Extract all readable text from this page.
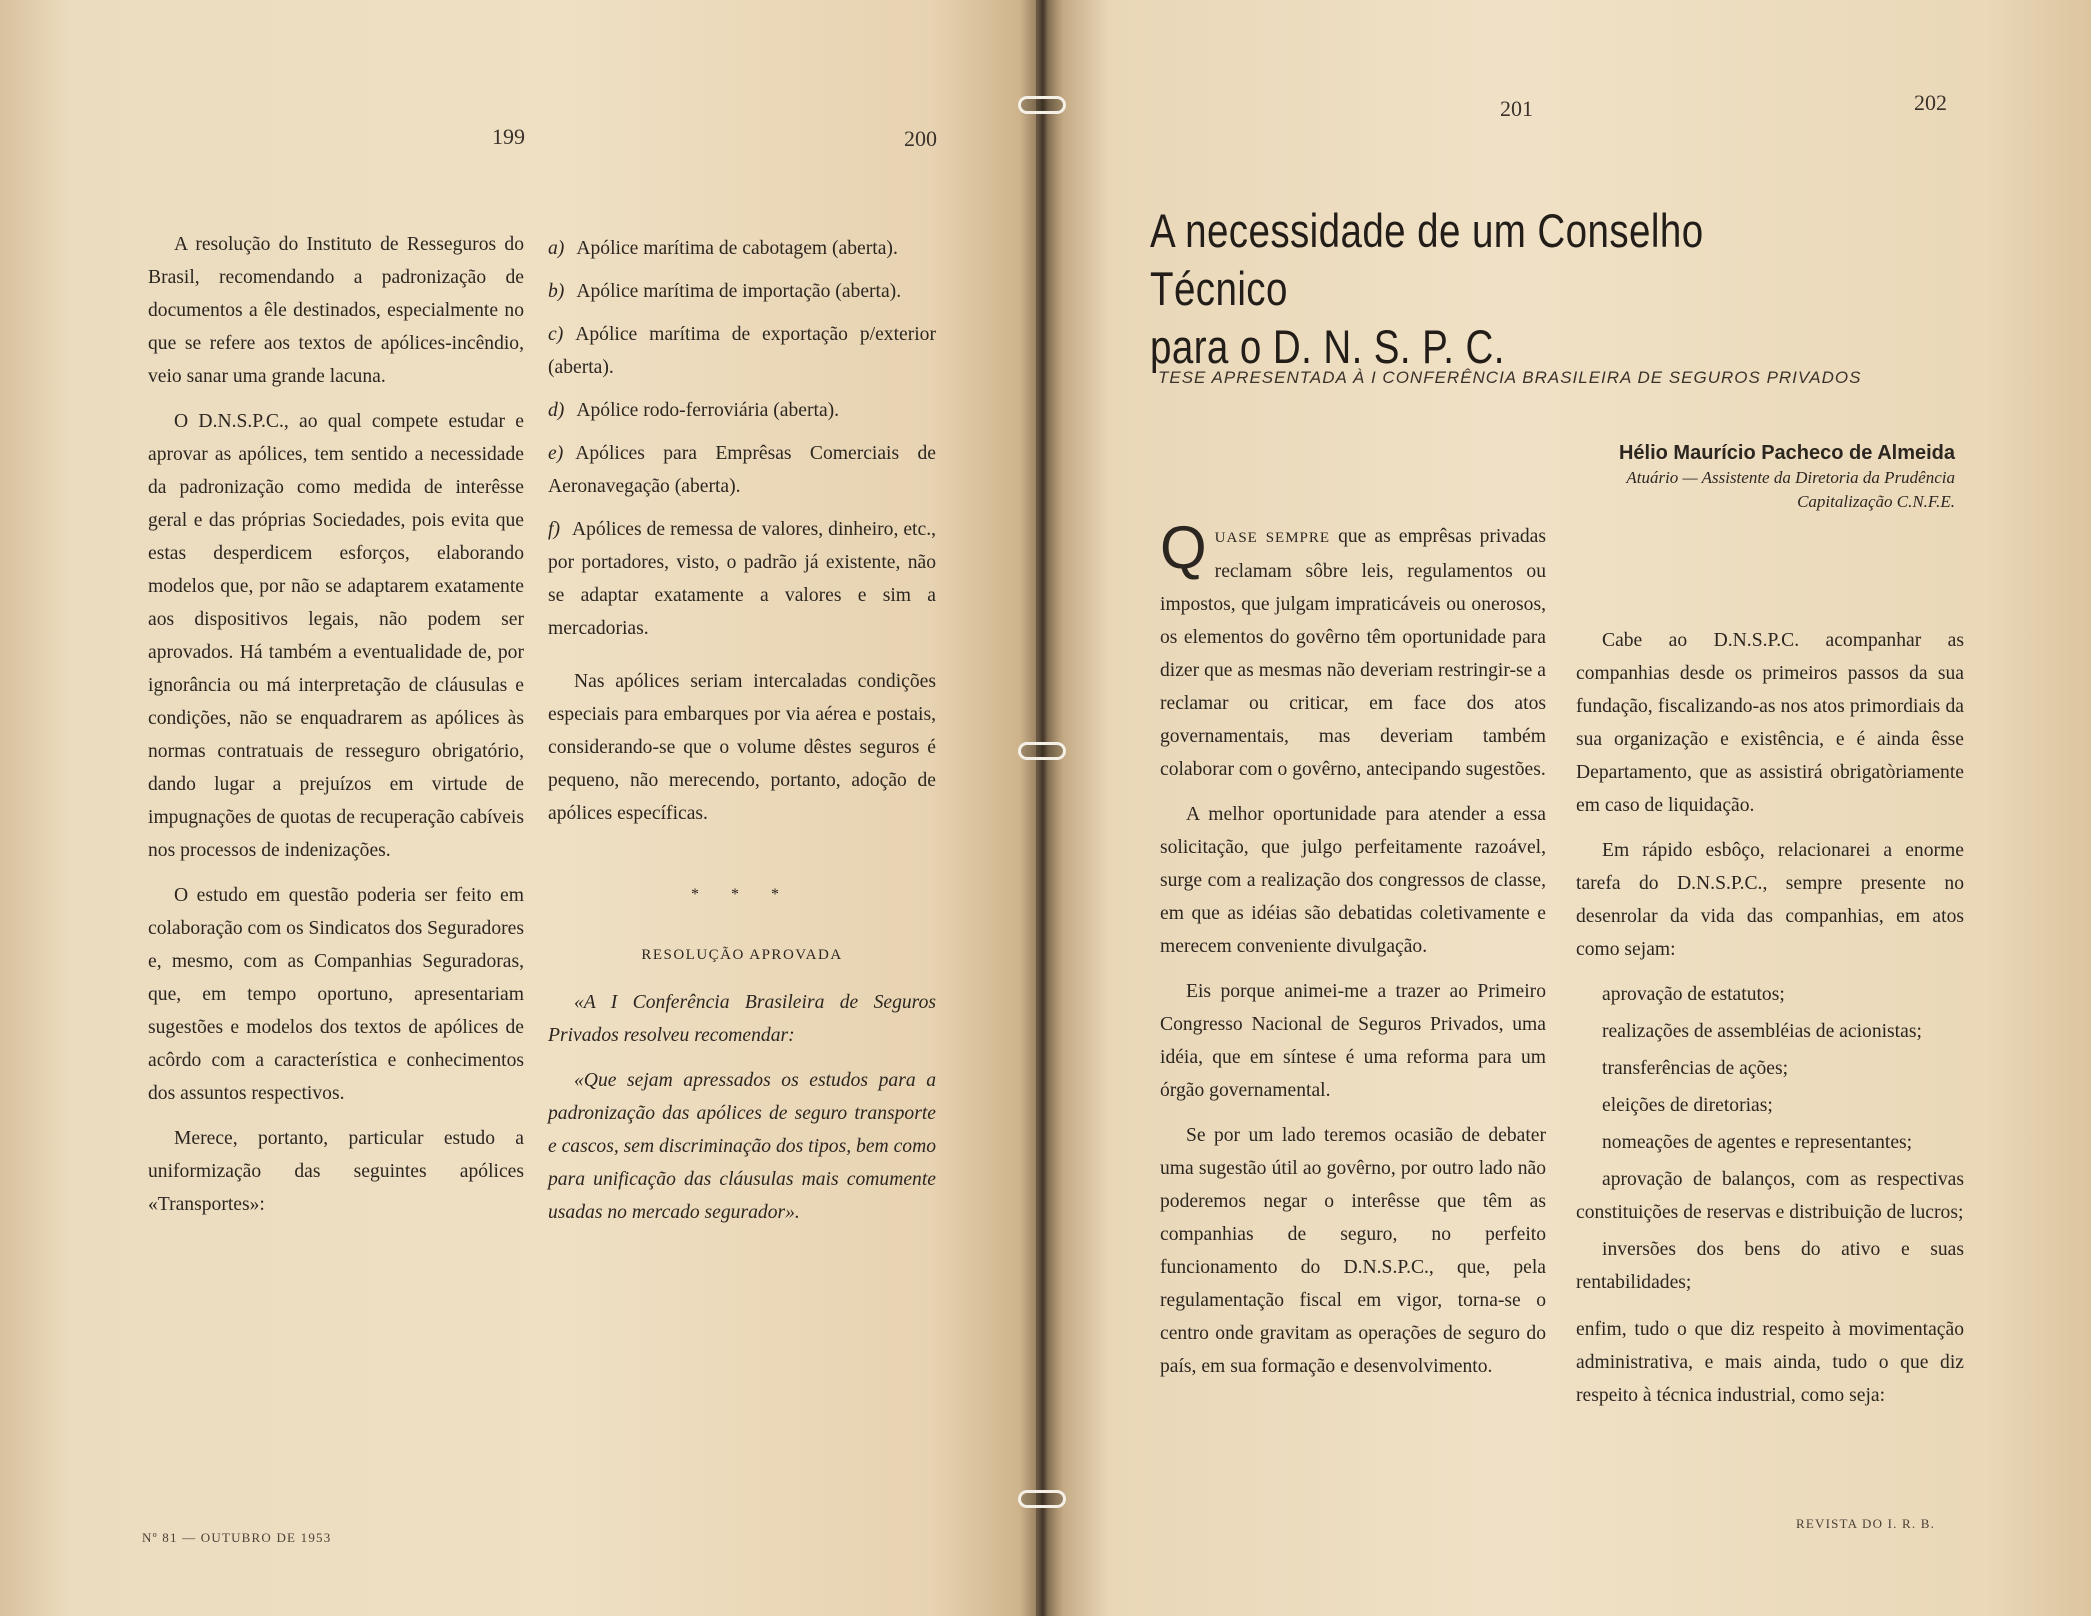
199	200

A resolução do Instituto de Resseguros do Brasil, recomendando a padronização de documentos a êle destinados, especialmente no que se refere aos textos de apólices-incêndio, veio sanar uma grande lacuna.

O D.N.S.P.C., ao qual compete estudar e aprovar as apólices, tem sentido a necessidade da padronização como medida de interêsse geral e das próprias Sociedades, pois evita que estas desperdicem esforços, elaborando modelos que, por não se adaptarem exatamente aos dispositivos legais, não podem ser aprovados. Há também a eventualidade de, por ignorância ou má interpretação de cláusulas e condições, não se enquadrarem as apólices às normas contratuais de resseguro obrigatório, dando lugar a prejuízos em virtude de impugnações de quotas de recuperação cabíveis nos processos de indenizações.

O estudo em questão poderia ser feito em colaboração com os Sindicatos dos Seguradores e, mesmo, com as Companhias Seguradoras, que, em tempo oportuno, apresentariam sugestões e modelos dos textos de apólices de acôrdo com a característica e conhecimentos dos assuntos respectivos.

Merece, portanto, particular estudo a uniformização das seguintes apólices «Transportes»:

a) Apólice marítima de cabotagem (aberta).
b) Apólice marítima de importação (aberta).
c) Apólice marítima de exportação p/exterior (aberta).
d) Apólice rodo-ferroviária (aberta).
e) Apólices para Emprêsas Comerciais de Aeronavegação (aberta).
f) Apólices de remessa de valores, dinheiro, etc., por portadores, visto, o padrão já existente, não se adaptar exatamente a valores e sim a mercadorias.

Nas apólices seriam intercaladas condições especiais para embarques por via aérea e postais, considerando-se que o volume dêstes seguros é pequeno, não merecendo, portanto, adoção de apólices específicas.

* * *
RESOLUÇÃO APROVADA

«A I Conferência Brasileira de Seguros Privados resolveu recomendar:

«Que sejam apressados os estudos para a padronização das apólices de seguro transporte e cascos, sem discriminação dos tipos, bem como para unificação das cláusulas mais comumente usadas no mercado segurador».

Nº 81 — OUTUBRO DE 1953
201	202
A necessidade de um Conselho Técnico
para o D. N. S. P. C.
TESE APRESENTADA À I CONFERÊNCIA BRASILEIRA DE SEGUROS PRIVADOS
Hélio Maurício Pacheco de Almeida
Atuário — Assistente da Diretoria da Prudência
Capitalização C.N.F.E.

QUASE SEMPRE que as emprêsas privadas reclamam sôbre leis, regulamentos ou impostos, que julgam impraticáveis ou onerosos, os elementos do govêrno têm oportunidade para dizer que as mesmas não deveriam restringir-se a reclamar ou criticar, em face dos atos governamentais, mas deveriam também colaborar com o govêrno, antecipando sugestões.

A melhor oportunidade para atender a essa solicitação, que julgo perfeitamente razoável, surge com a realização dos congressos de classe, em que as idéias são debatidas coletivamente e merecem conveniente divulgação.

Eis porque animei-me a trazer ao Primeiro Congresso Nacional de Seguros Privados, uma idéia, que em síntese é uma reforma para um órgão governamental.

Se por um lado teremos ocasião de debater uma sugestão útil ao govêrno, por outro lado não poderemos negar o interêsse que têm as companhias de seguro, no perfeito funcionamento do D.N.S.P.C., que, pela regulamentação fiscal em vigor, torna-se o centro onde gravitam as operações de seguro do país, em sua formação e desenvolvimento.

Cabe ao D.N.S.P.C. acompanhar as companhias desde os primeiros passos da sua fundação, fiscalizando-as nos atos primordiais da sua organização e existência, e é ainda êsse Departamento, que as assistirá obrigatòriamente em caso de liquidação.

Em rápido esbôço, relacionarei a enorme tarefa do D.N.S.P.C., sempre presente no desenrolar da vida das companhias, em atos como sejam:

aprovação de estatutos;
realizações de assembléias de acionistas;
transferências de ações;
eleições de diretorias;
nomeações de agentes e representantes;
aprovação de balanços, com as respectivas constituições de reservas e distribuição de lucros;
inversões dos bens do ativo e suas rentabilidades;

enfim, tudo o que diz respeito à movimentação administrativa, e mais ainda, tudo o que diz respeito à técnica industrial, como seja:

REVISTA DO I. R. B.
